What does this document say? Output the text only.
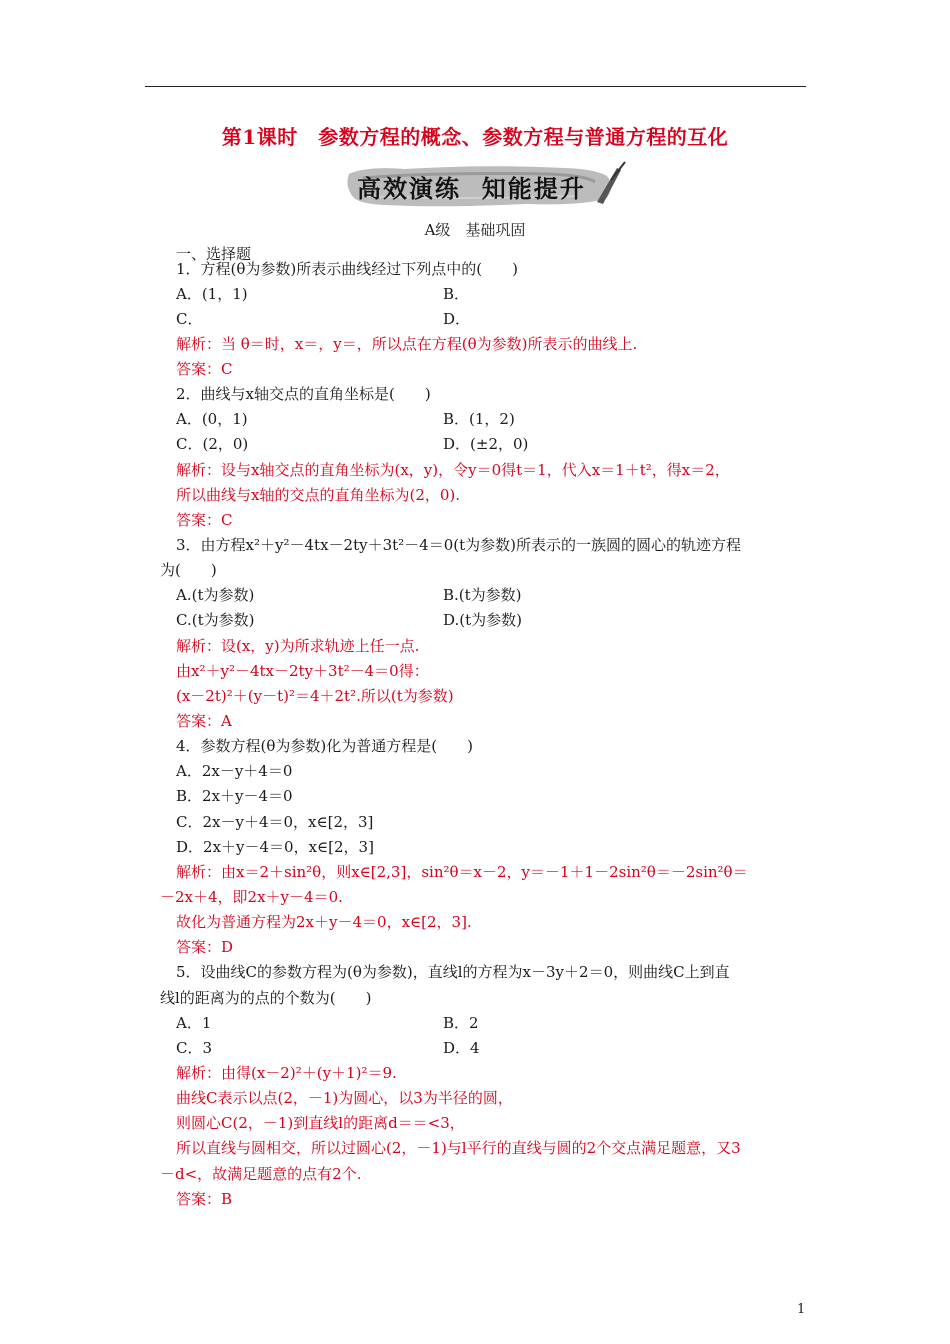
第1课时　参数方程的概念、参数方程与普通方程的互化
高效演练  知能提升
A级　基础巩固
一、选择题
1．方程(θ为参数)所表示曲线经过下列点中的(　　)
A．(1，1)	B．
C．	D．
解析：当 θ＝时，x＝，y＝，所以点在方程(θ为参数)所表示的曲线上.
答案：C
2．曲线与x轴交点的直角坐标是(　　)
A．(0，1)	B．(1，2)
C．(2，0)	D．(±2，0)
解析：设与x轴交点的直角坐标为(x，y)，令y＝0得t＝1，代入x＝1＋t²，得x＝2，
所以曲线与x轴的交点的直角坐标为(2，0).
答案：C
3．由方程x²＋y²－4tx－2ty＋3t²－4＝0(t为参数)所表示的一族圆的圆心的轨迹方程
为(　　)
A.(t为参数)	B.(t为参数)
C.(t为参数)	D.(t为参数)
解析：设(x，y)为所求轨迹上任一点.
由x²＋y²－4tx－2ty＋3t²－4＝0得：
(x－2t)²＋(y－t)²＝4＋2t².所以(t为参数)
答案：A
4．参数方程(θ为参数)化为普通方程是(　　)
A．2x－y＋4＝0
B．2x＋y－4＝0
C．2x－y＋4＝0，x∈[2，3]
D．2x＋y－4＝0，x∈[2，3]
解析：由x＝2＋sin²θ，则x∈[2,3]，sin²θ＝x－2，y＝－1＋1－2sin²θ＝－2sin²θ＝
－2x＋4，即2x＋y－4＝0.
故化为普通方程为2x＋y－4＝0，x∈[2，3].
答案：D
5．设曲线C的参数方程为(θ为参数)，直线l的方程为x－3y＋2＝0，则曲线C上到直
线l的距离为的点的个数为(　　)
A．1	B．2
C．3	D．4
解析：由得(x－2)²＋(y＋1)²＝9.
曲线C表示以点(2，－1)为圆心，以3为半径的圆，
则圆心C(2，－1)到直线l的距离d＝＝<3，
所以直线与圆相交，所以过圆心(2，－1)与l平行的直线与圆的2个交点满足题意，又3
－d<，故满足题意的点有2个.
答案：B
1
